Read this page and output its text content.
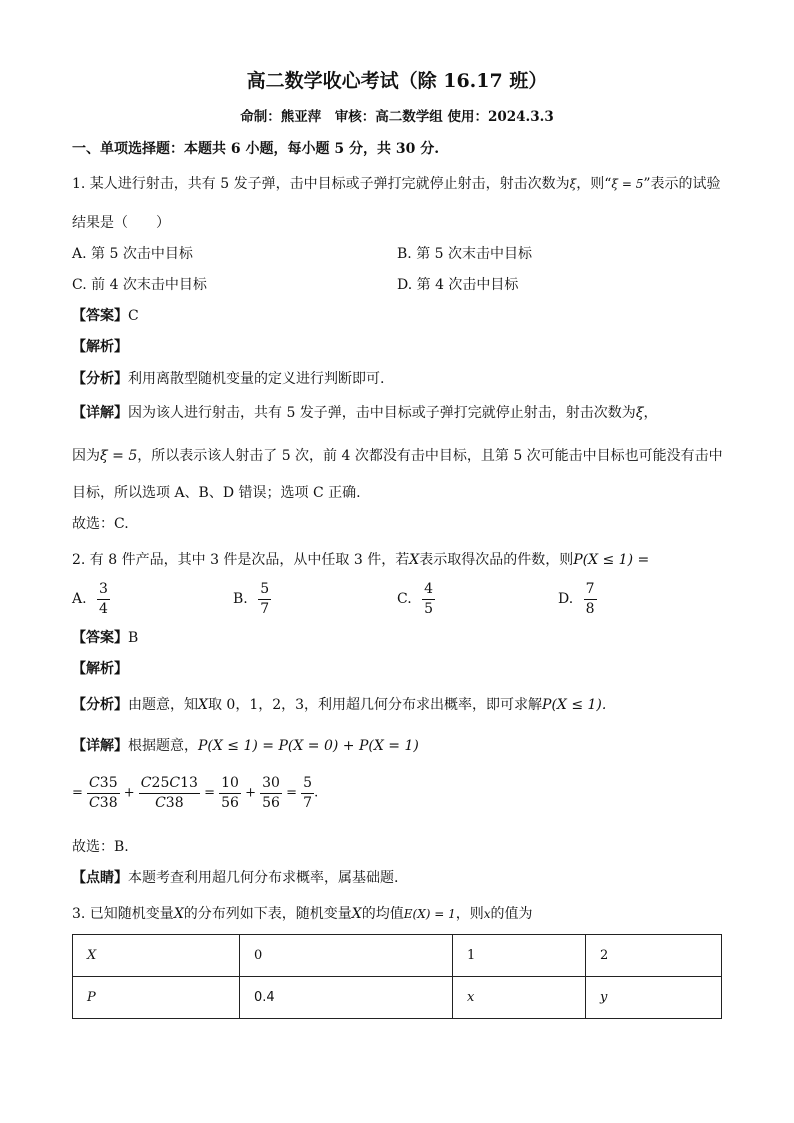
高二数学收心考试（除 16.17 班）
命制：熊亚萍　审核：高二数学组 使用：2024.3.3
一、单项选择题：本题共 6 小题，每小题 5 分，共 30 分.
1. 某人进行射击，共有 5 发子弹，击中目标或子弹打完就停止射击，射击次数为ξ，则“ξ = 5”表示的试验
结果是（　　）
A. 第 5 次击中目标	B. 第 5 次末击中目标
C. 前 4 次末击中目标	D. 第 4 次击中目标
【答案】C
【解析】
【分析】利用离散型随机变量的定义进行判断即可.
【详解】因为该人进行射击，共有 5 发子弹，击中目标或子弹打完就停止射击，射击次数为ξ，
因为ξ = 5，所以表示该人射击了 5 次，前 4 次都没有击中目标，且第 5 次可能击中目标也可能没有击中
目标，所以选项 A、B、D 错误；选项 C 正确.
故选：C.
2. 有 8 件产品，其中 3 件是次品，从中任取 3 件，若X表示取得次品的件数，则P(X ≤ 1) =
A. $\frac{3}{4}$	B. $\frac{5}{7}$	C. $\frac{4}{5}$	D. $\frac{7}{8}$
【答案】B
【解析】
【分析】由题意，知X取 0，1，2，3，利用超几何分布求出概率，即可求解P(X ≤ 1).
【详解】根据题意，P(X ≤ 1) = P(X = 0) + P(X = 1)
= $\frac{C35}{C38} + \frac{C25C13}{C38} = \frac{10}{56} + \frac{30}{56} = \frac{5}{7}$ .
故选：B.
【点睛】本题考查利用超几何分布求概率，属基础题.
3. 已知随机变量X的分布列如下表，随机变量X的均值E(X) = 1，则x的值为
X	0	1	2
P	0.4	x	y
